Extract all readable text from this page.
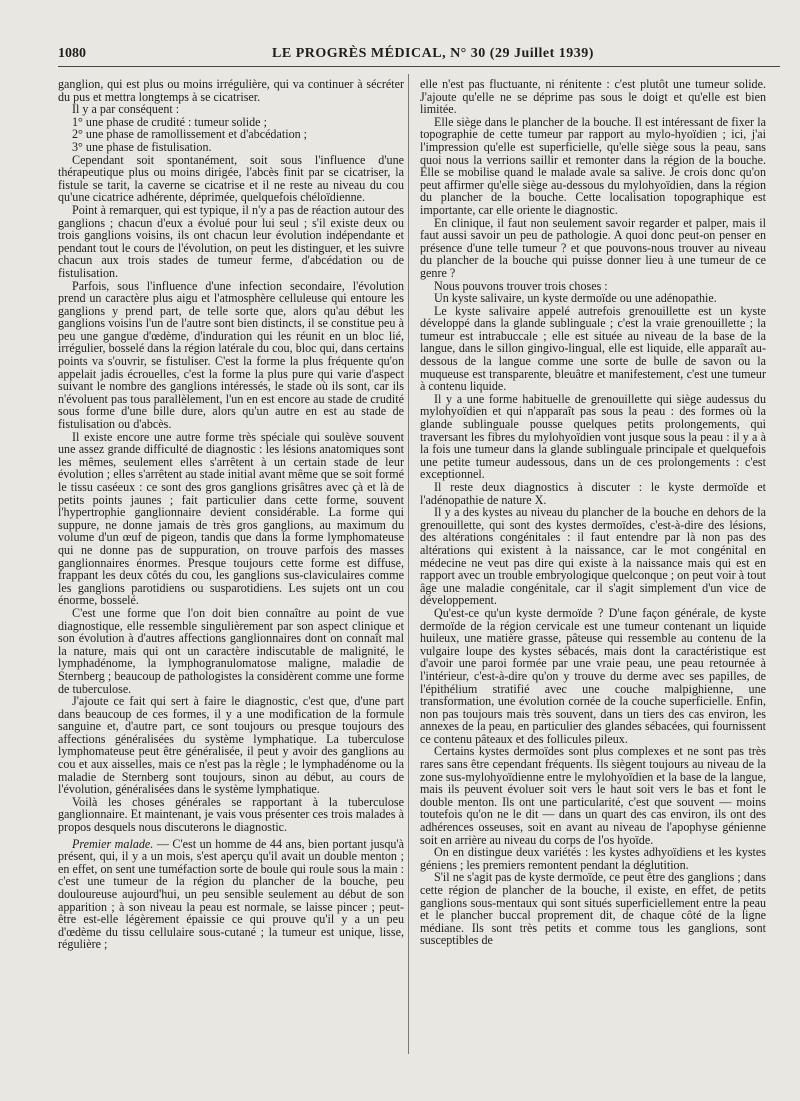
1080	LE PROGRÈS MÉDICAL, N° 30 (29 Juillet 1939)

ganglion, qui est plus ou moins irrégulière, qui va continuer à sécréter du pus et mettra longtemps à se cicatriser.

Il y a par conséquent :

1° une phase de crudité : tumeur solide ;

2° une phase de ramollissement et d'abcédation ;

3° une phase de fistulisation.

Cependant soit spontanément, soit sous l'influence d'une thérapeutique plus ou moins dirigée, l'abcès finit par se cicatriser, la fistule se tarit, la caverne se cicatrise et il ne reste au niveau du cou qu'une cicatrice adhérente, déprimée, quelquefois chéloïdienne.

Point à remarquer, qui est typique, il n'y a pas de réaction autour des ganglions ; chacun d'eux a évolué pour lui seul ; s'il existe deux ou trois ganglions voisins, ils ont chacun leur évolution indépendante et pendant tout le cours de l'évolution, on peut les distinguer, et les suivre chacun aux trois stades de tumeur ferme, d'abcédation ou de fistulisation.

Parfois, sous l'influence d'une infection secondaire, l'évolution prend un caractère plus aigu et l'atmosphère celluleuse qui entoure les ganglions y prend part, de telle sorte que, alors qu'au début les ganglions voisins l'un de l'autre sont bien distincts, il se constitue peu à peu une gangue d'œdème, d'induration qui les réunit en un bloc lié, irrégulier, bosselé dans la région latérale du cou, bloc qui, dans certains points va s'ouvrir, se fistuliser. C'est la forme la plus fréquente qu'on appelait jadis écrouelles, c'est la forme la plus pure qui varie d'aspect suivant le nombre des ganglions intéressés, le stade où ils sont, car ils n'évoluent pas tous parallèlement, l'un en est encore au stade de crudité sous forme d'une bille dure, alors qu'un autre en est au stade de fistulisation ou d'abcès.

Il existe encore une autre forme très spéciale qui soulève souvent une assez grande difficulté de diagnostic : les lésions anatomiques sont les mêmes, seulement elles s'arrêtent à un certain stade de leur évolution ; elles s'arrêtent au stade initial avant même que se soit formé le tissu caséeux : ce sont des gros ganglions grisâtres avec çà et là de petits points jaunes ; fait particulier dans cette forme, souvent l'hypertrophie ganglionnaire devient considérable. La forme qui suppure, ne donne jamais de très gros ganglions, au maximum du volume d'un œuf de pigeon, tandis que dans la forme lymphomateuse qui ne donne pas de suppuration, on trouve parfois des masses ganglionnaires énormes. Presque toujours cette forme est diffuse, frappant les deux côtés du cou, les ganglions sus-claviculaires comme les ganglions parotidiens ou susparotidiens. Les sujets ont un cou énorme, bosselé.

C'est une forme que l'on doit bien connaître au point de vue diagnostique, elle ressemble singulièrement par son aspect clinique et son évolution à d'autres affections ganglionnaires dont on connaît mal la nature, mais qui ont un caractère indiscutable de malignité, le lymphadénome, la lymphogranulomatose maligne, maladie de Sternberg ; beaucoup de pathologistes la considèrent comme une forme de tuberculose.

J'ajoute ce fait qui sert à faire le diagnostic, c'est que, d'une part dans beaucoup de ces formes, il y a une modification de la formule sanguine et, d'autre part, ce sont toujours ou presque toujours des affections généralisées du système lymphatique. La tuberculose lymphomateuse peut être généralisée, il peut y avoir des ganglions au cou et aux aisselles, mais ce n'est pas la règle ; le lymphadénome ou la maladie de Sternberg sont toujours, sinon au début, au cours de l'évolution, généralisées dans le système lymphatique.

Voilà les choses générales se rapportant à la tuberculose ganglionnaire. Et maintenant, je vais vous présenter ces trois malades à propos desquels nous discuterons le diagnostic.

Premier malade. — C'est un homme de 44 ans, bien portant jusqu'à présent, qui, il y a un mois, s'est aperçu qu'il avait un double menton ; en effet, on sent une tuméfaction sorte de boule qui roule sous la main : c'est une tumeur de la région du plancher de la bouche, peu douloureuse aujourd'hui, un peu sensible seulement au début de son apparition ; à son niveau la peau est normale, se laisse pincer ; peut-être est-elle légèrement épaissie ce qui prouve qu'il y a un peu d'œdème du tissu cellulaire sous-cutané ; la tumeur est unique, lisse, régulière ;

elle n'est pas fluctuante, ni rénitente : c'est plutôt une tumeur solide. J'ajoute qu'elle ne se déprime pas sous le doigt et qu'elle est bien limitée.

Elle siège dans le plancher de la bouche. Il est intéressant de fixer la topographie de cette tumeur par rapport au mylo-hyoïdien ; ici, j'ai l'impression qu'elle est superficielle, qu'elle siège sous la peau, sans quoi nous la verrions saillir et remonter dans la région de la bouche. Elle se mobilise quand le malade avale sa salive. Je crois donc qu'on peut affirmer qu'elle siège au-dessous du mylohyoïdien, dans la région du plancher de la bouche. Cette localisation topographique est importante, car elle oriente le diagnostic.

En clinique, il faut non seulement savoir regarder et palper, mais il faut aussi savoir un peu de pathologie. A quoi donc peut-on penser en présence d'une telle tumeur ? et que pouvons-nous trouver au niveau du plancher de la bouche qui puisse donner lieu à une tumeur de ce genre ?

Nous pouvons trouver trois choses :

Un kyste salivaire, un kyste dermoïde ou une adénopathie.

Le kyste salivaire appelé autrefois grenouillette est un kyste développé dans la glande sublinguale ; c'est la vraie grenouillette ; la tumeur est intrabuccale ; elle est située au niveau de la base de la langue, dans le sillon gingivo-lingual, elle est liquide, elle apparaît au-dessous de la langue comme une sorte de bulle de savon ou la muqueuse est transparente, bleuâtre et manifestement, c'est une tumeur à contenu liquide.

Il y a une forme habituelle de grenouillette qui siège audessus du mylohyoïdien et qui n'apparaît pas sous la peau : des formes où la glande sublinguale pousse quelques petits prolongements, qui traversant les fibres du mylohyoïdien vont jusque sous la peau : il y a à la fois une tumeur dans la glande sublinguale principale et quelquefois une petite tumeur audessous, dans un de ces prolongements : c'est exceptionnel.

Il reste deux diagnostics à discuter : le kyste dermoïde et l'adénopathie de nature X.

Il y a des kystes au niveau du plancher de la bouche en dehors de la grenouillette, qui sont des kystes dermoïdes, c'est-à-dire des lésions, des altérations congénitales : il faut entendre par là non pas des altérations qui existent à la naissance, car le mot congénital en médecine ne veut pas dire qui existe à la naissance mais qui est en rapport avec un trouble embryologique quelconque ; on peut voir à tout âge une maladie congénitale, car il s'agit simplement d'un vice de développement.

Qu'est-ce qu'un kyste dermoïde ? D'une façon générale, de kyste dermoïde de la région cervicale est une tumeur contenant un liquide huileux, une matière grasse, pâteuse qui ressemble au contenu de la vulgaire loupe des kystes sébacés, mais dont la caractéristique est d'avoir une paroi formée par une vraie peau, une peau retournée à l'intérieur, c'est-à-dire qu'on y trouve du derme avec ses papilles, de l'épithélium stratifié avec une couche malpighienne, une transformation, une évolution cornée de la couche superficielle. Enfin, non pas toujours mais très souvent, dans un tiers des cas environ, les annexes de la peau, en particulier des glandes sébacées, qui fournissent ce contenu pâteaux et des follicules pileux.

Certains kystes dermoïdes sont plus complexes et ne sont pas très rares sans être cependant fréquents. Ils siègent toujours au niveau de la zone sus-mylohyoïdienne entre le mylohyoïdien et la base de la langue, mais ils peuvent évoluer soit vers le haut soit vers le bas et font le double menton. Ils ont une particularité, c'est que souvent — moins toutefois qu'on ne le dit — dans un quart des cas environ, ils ont des adhérences osseuses, soit en avant au niveau de l'apophyse génienne soit en arrière au niveau du corps de l'os hyoïde.

On en distingue deux variétés : les kystes adhyoïdiens et les kystes géniens ; les premiers remontent pendant la déglutition.

S'il ne s'agit pas de kyste dermoïde, ce peut être des ganglions ; dans cette région de plancher de la bouche, il existe, en effet, de petits ganglions sous-mentaux qui sont situés superficiellement entre la peau et le plancher buccal proprement dit, de chaque côté de la ligne médiane. Ils sont très petits et comme tous les ganglions, sont susceptibles de
